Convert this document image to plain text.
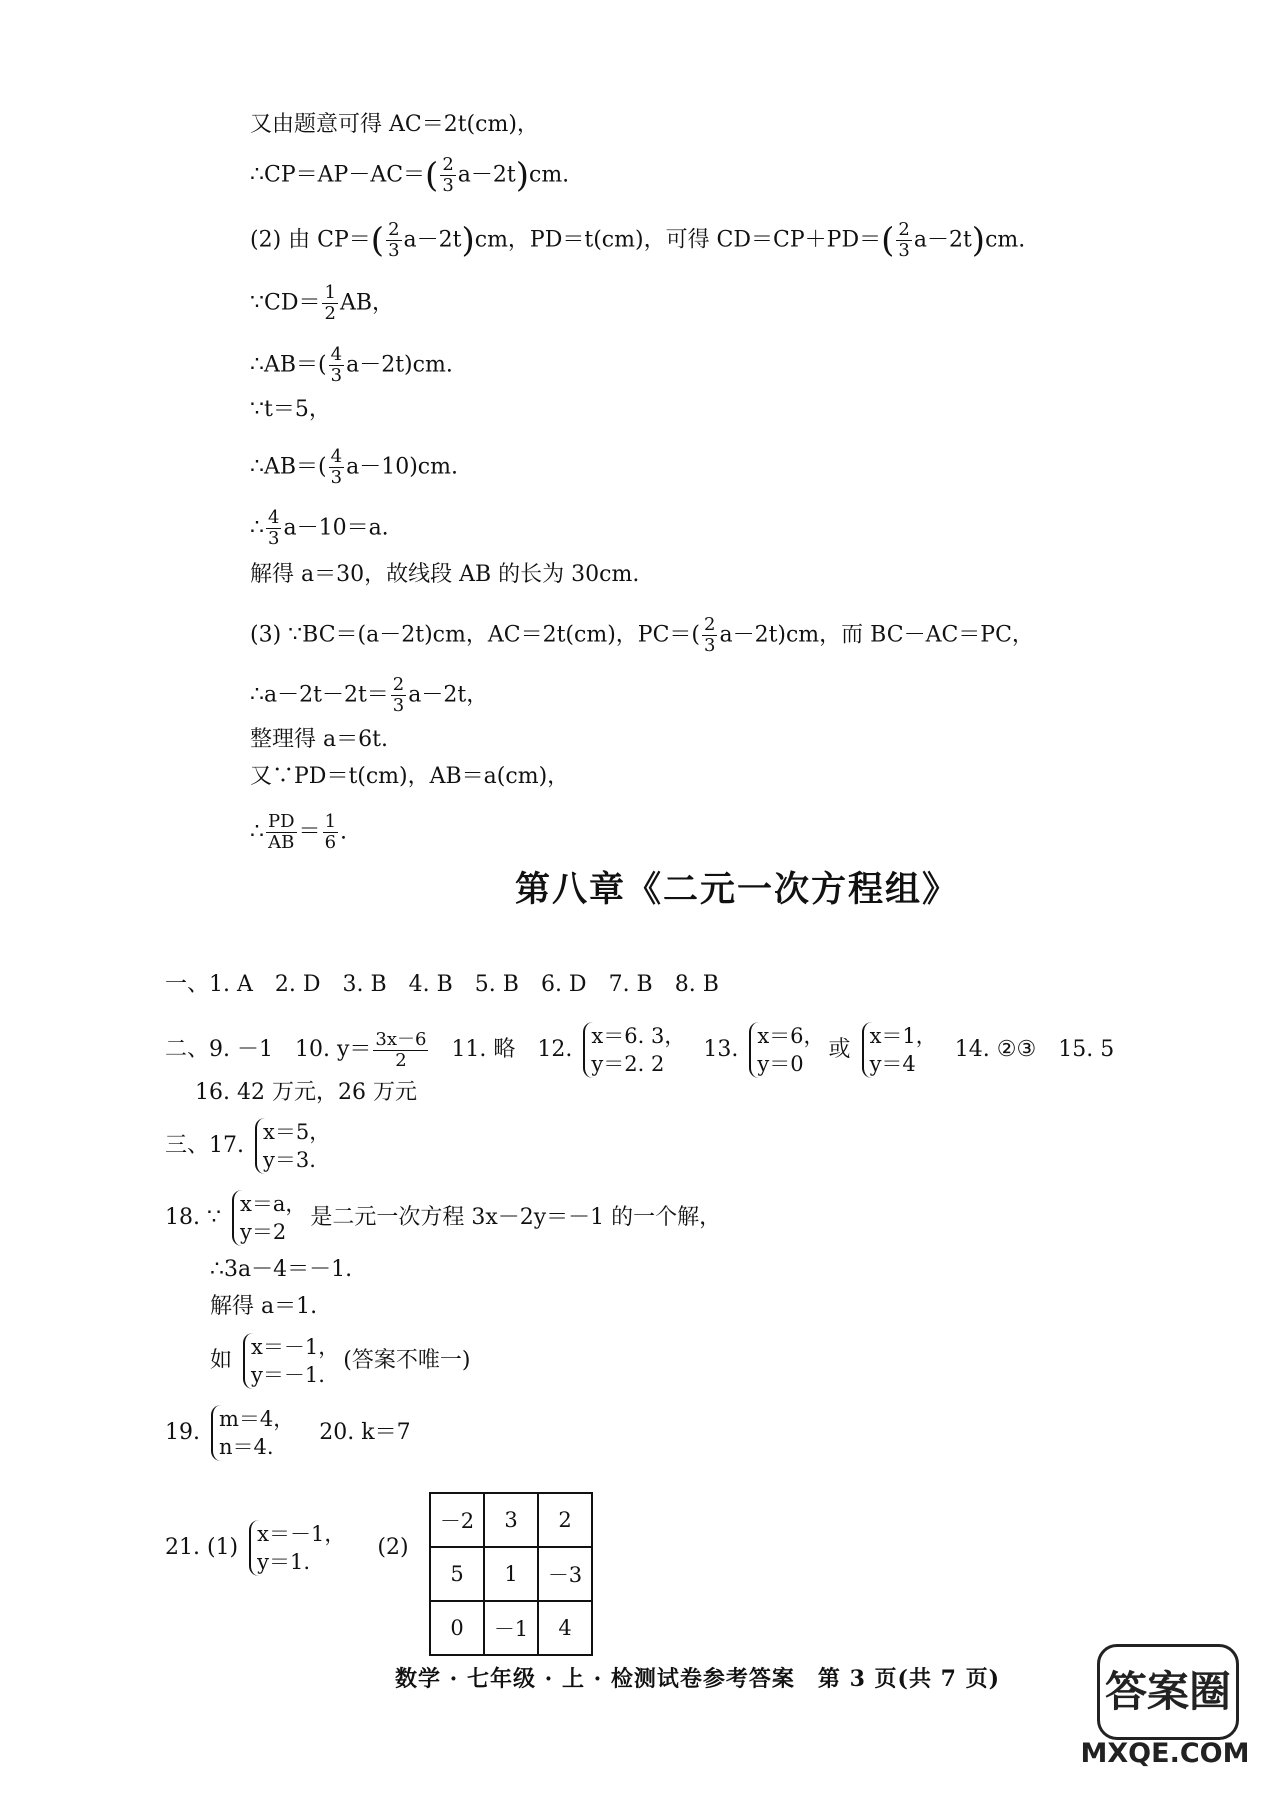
又由题意可得 AC＝2t(cm)，
∴CP＝AP－AC＝( $\frac{2}{3} a-2t)cm$.
(2) 由 $CP=( \frac{2}{3} a-2t)cm$，PD＝t(cm)，可得 $CD=CP+PD=( \frac{2}{3} a-2t)cm$.
∵CD＝ $\frac{1}{2}$ AB，
∴AB＝( $\frac{4}{3} a-2t)cm$.
∵t＝5，
∴AB＝( $\frac{4}{3} a-10)cm$.
∴ $\frac{4}{3} a-10=a$.
解得 a＝30，故线段 AB 的长为 30cm.
(3) ∵BC＝(a－2t)cm，AC＝2t(cm)，$PC=( \frac{2}{3} a-2t)cm$，而 BC－AC＝PC，
∴a－2t－2t＝ $\frac{2}{3} a-2t$，
整理得 a＝6t.
又∵PD＝t(cm)，AB＝a(cm)，
∴ $\frac{PD}{AB} = \frac{1}{6}$ .
第八章《二元一次方程组》
一、1. A　2. D　3. B　4. B　5. B　6. D　7. B　8. B
二、9. －1　10. $y= \frac{3x-6}{2} 11$. 略　12.
x＝6. 3，
y＝2. 2
13.
x＝6，
y＝0
或
x＝1，
y＝4
14. ②③　15. 5
16. 42 万元，26 万元
三、17.
x＝5，
y＝3.
18. ∵
x＝a，
y＝2
是二元一次方程 3x－2y＝－1 的一个解，
∴3a－4＝－1.
解得 a＝1.
如
x＝－1，
y＝－1.
(答案不唯一)
19.
m＝4，
n＝4.
20. k＝7
21. (1)
x＝－1，
y＝1.
(2)
－2	3	2
5	1	－3
0	－1	4
数学 · 七年级 · 上 · 检测试卷参考答案　第 3 页(共 7 页) 答案圈
MXQE.COM
